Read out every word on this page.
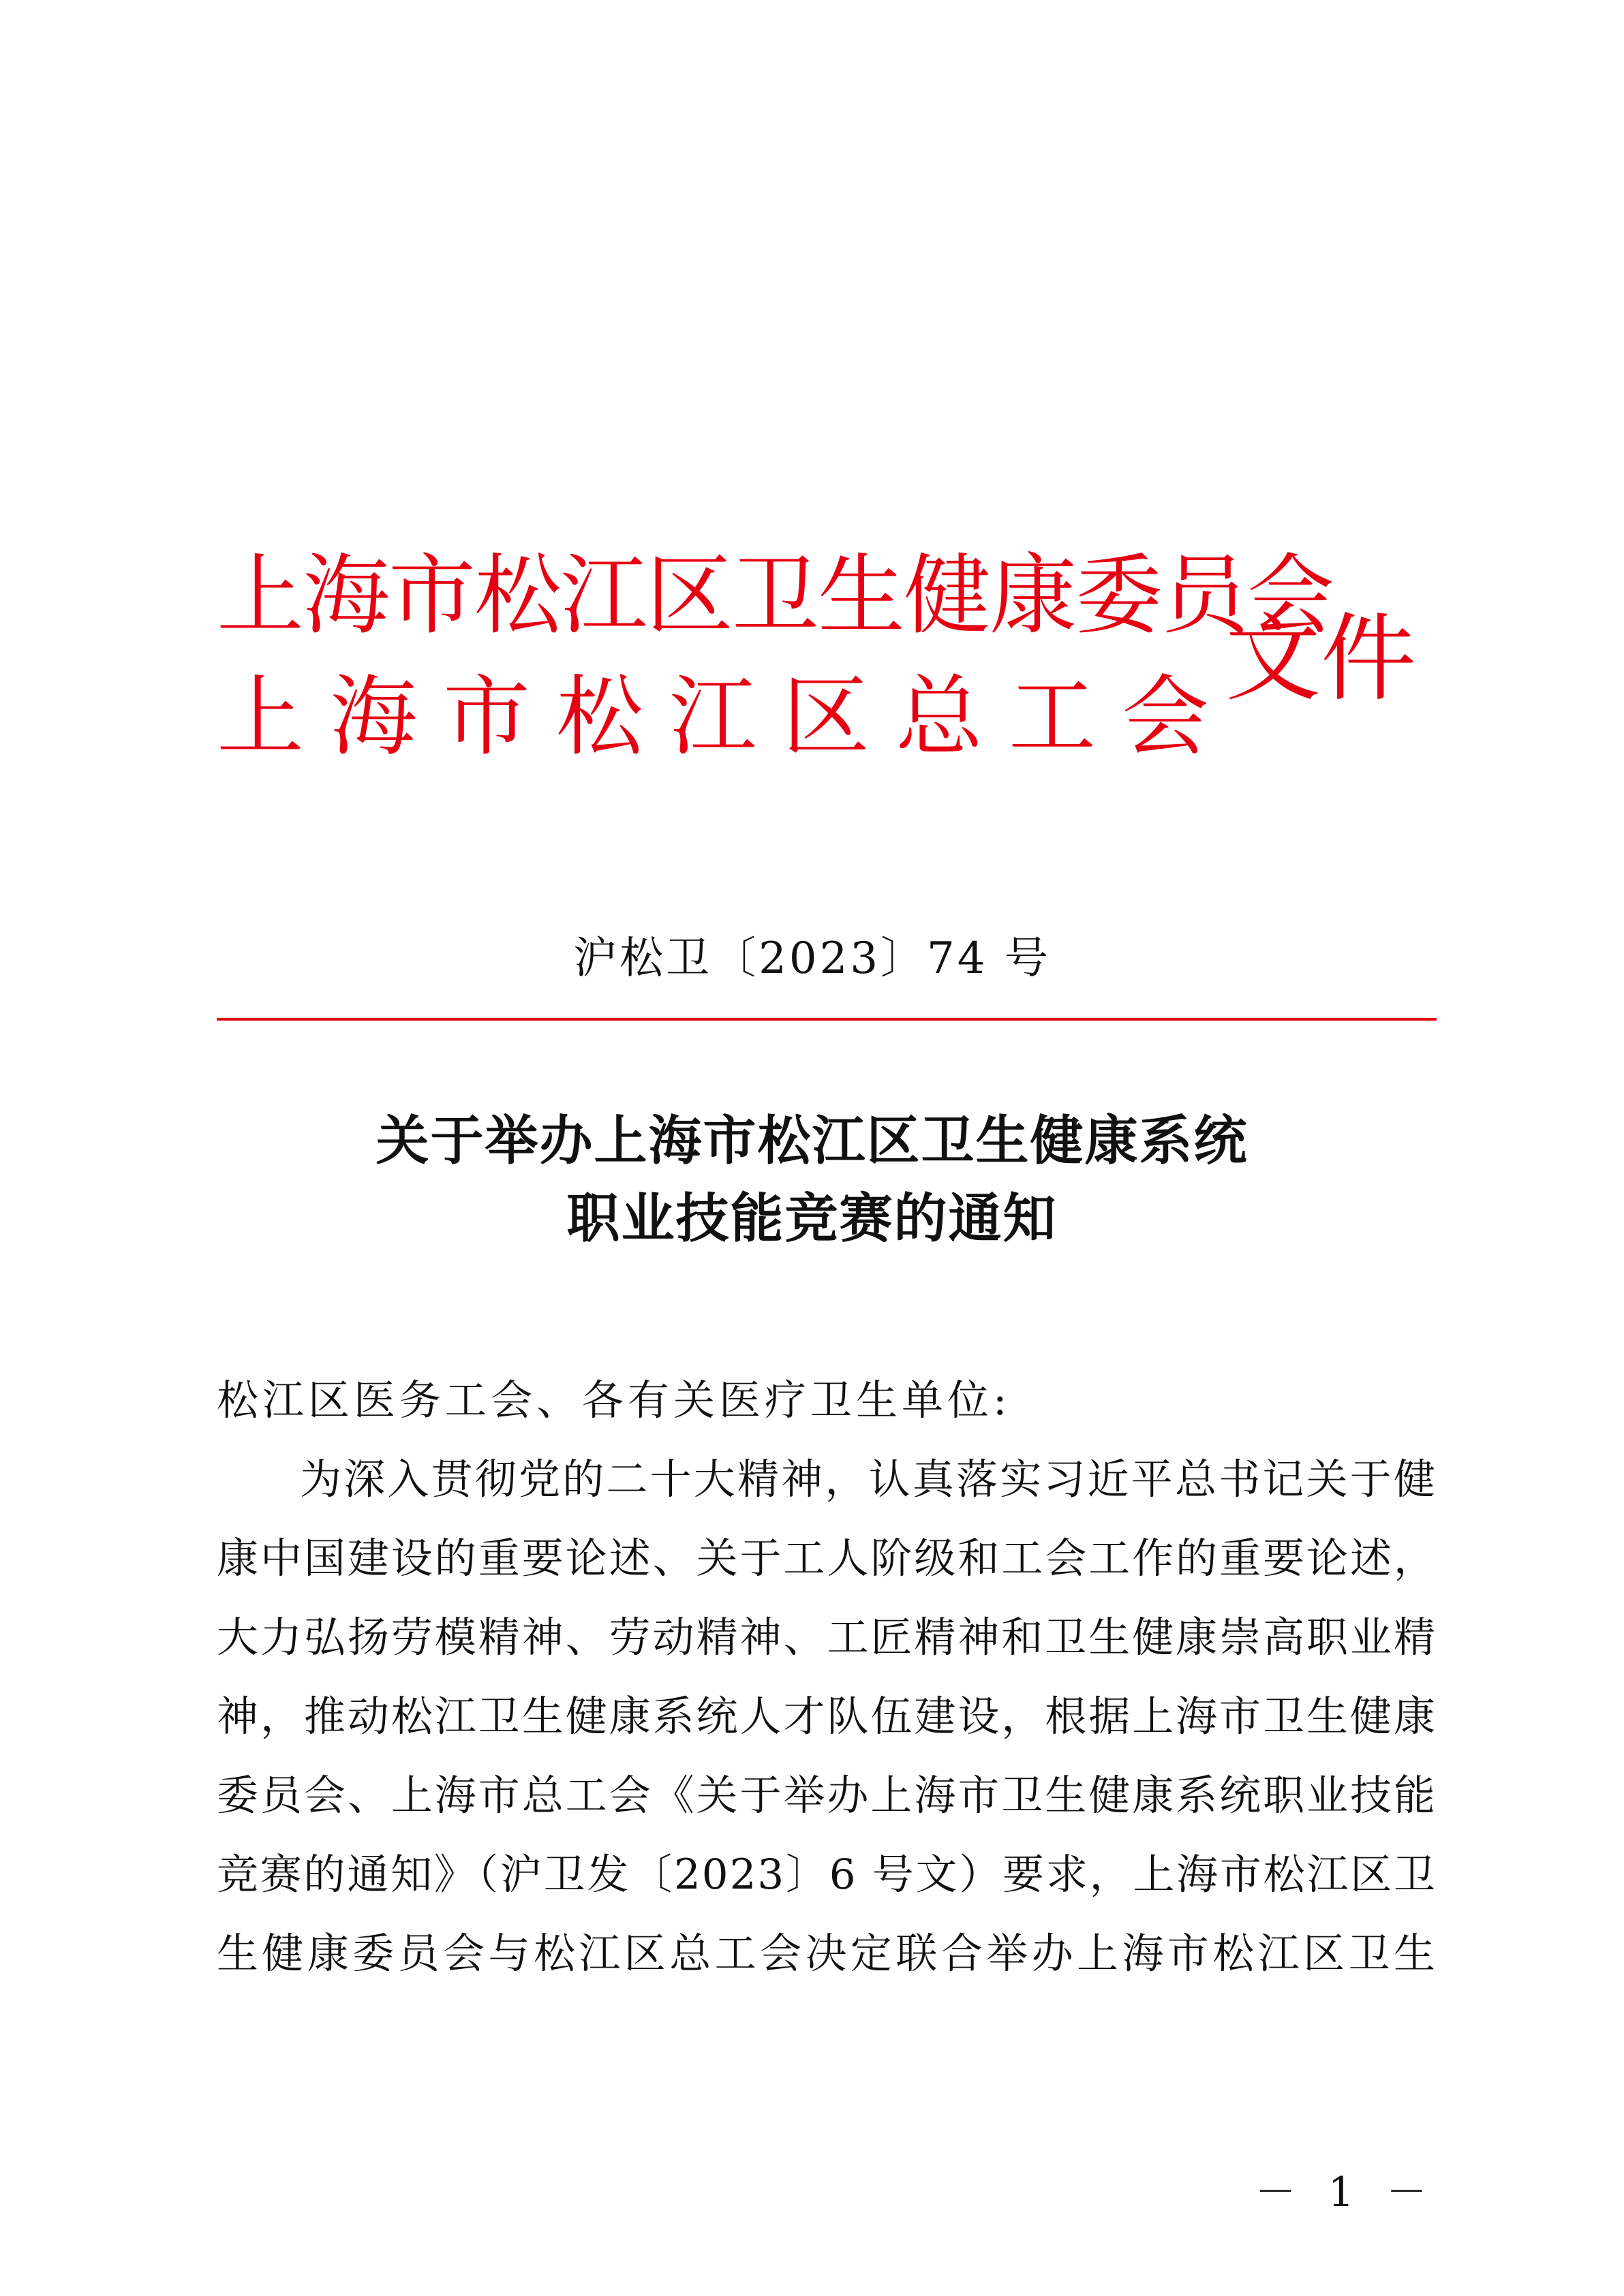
上海市松江区卫生健康委员会
上海市松江区总工会
文件
沪松卫〔2023〕74 号
关于举办上海市松江区卫生健康系统
职业技能竞赛的通知
松江区医务工会、各有关医疗卫生单位:
为深入贯彻党的二十大精神，认真落实习近平总书记关于健
康中国建设的重要论述、关于工人阶级和工会工作的重要论述，
大力弘扬劳模精神、劳动精神、工匠精神和卫生健康崇高职业精
神，推动松江卫生健康系统人才队伍建设，根据上海市卫生健康
委员会、上海市总工会《关于举办上海市卫生健康系统职业技能
竞赛的通知》（沪卫发〔2023〕6 号文）要求，上海市松江区卫
生健康委员会与松江区总工会决定联合举办上海市松江区卫生
－ 1 －
